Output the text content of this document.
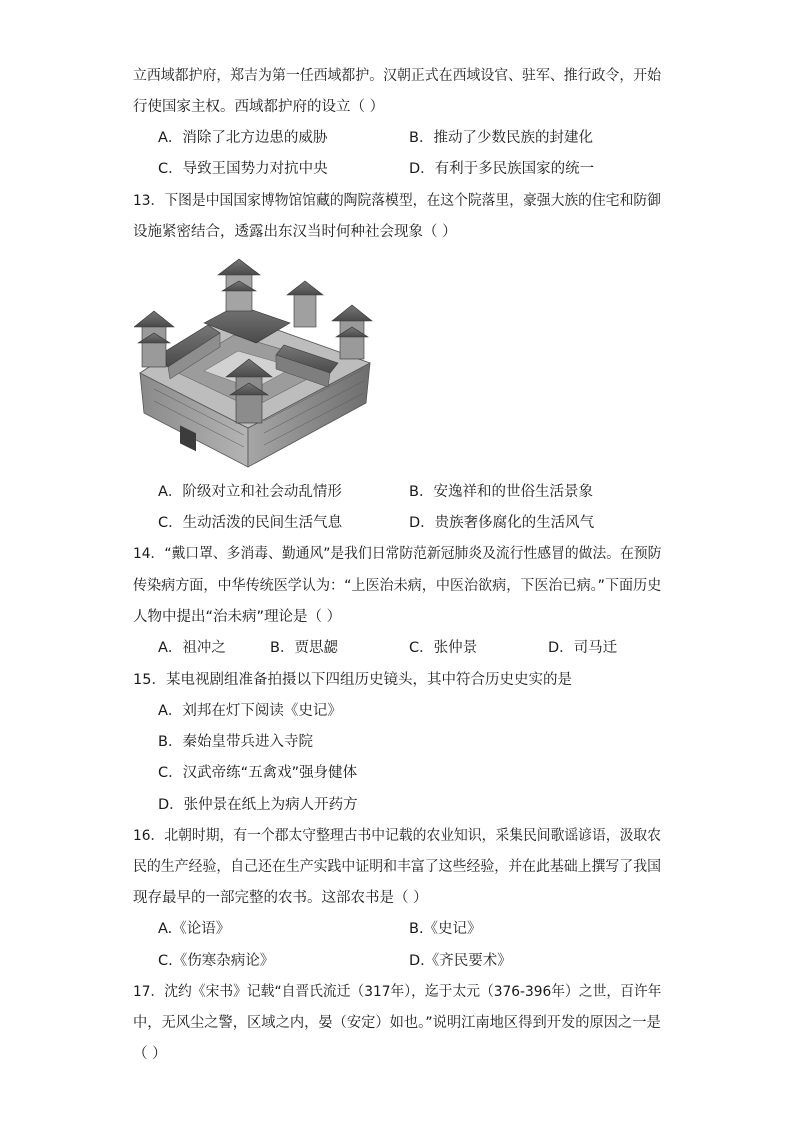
立西域都护府，郑吉为第一任西域都护。汉朝正式在西域设官、驻军、推行政令，开始
行使国家主权。西域都护府的设立（ ）
A．消除了北方边患的威胁	B．推动了少数民族的封建化
C．导致王国势力对抗中央	D．有利于多民族国家的统一
13．下图是中国国家博物馆馆藏的陶院落模型，在这个院落里，豪强大族的住宅和防御
设施紧密结合，透露出东汉当时何种社会现象（ ）
A．阶级对立和社会动乱情形	B．安逸祥和的世俗生活景象
C．生动活泼的民间生活气息	D．贵族奢侈腐化的生活风气
14．“戴口罩、多消毒、勤通风”是我们日常防范新冠肺炎及流行性感冒的做法。在预防
传染病方面，中华传统医学认为：“上医治未病，中医治欲病，下医治已病。”下面历史
人物中提出“治未病”理论是（ ）
A．祖冲之	B．贾思勰	C．张仲景	D．司马迁
15．某电视剧组准备拍摄以下四组历史镜头，其中符合历史史实的是
A．刘邦在灯下阅读《史记》
B．秦始皇带兵进入寺院
C．汉武帝练“五禽戏”强身健体
D．张仲景在纸上为病人开药方
16．北朝时期，有一个郡太守整理古书中记载的农业知识，采集民间歌谣谚语，汲取农
民的生产经验，自己还在生产实践中证明和丰富了这些经验，并在此基础上撰写了我国
现存最早的一部完整的农书。这部农书是（ ）
A.《论语》	B.《史记》
C.《伤寒杂病论》	D.《齐民要术》
17．沈约《宋书》记载“自晋氏流迁（317年），迄于太元（376-396年）之世，百许年
中，无风尘之警，区域之内，晏（安定）如也。”说明江南地区得到开发的原因之一是
（ ）
